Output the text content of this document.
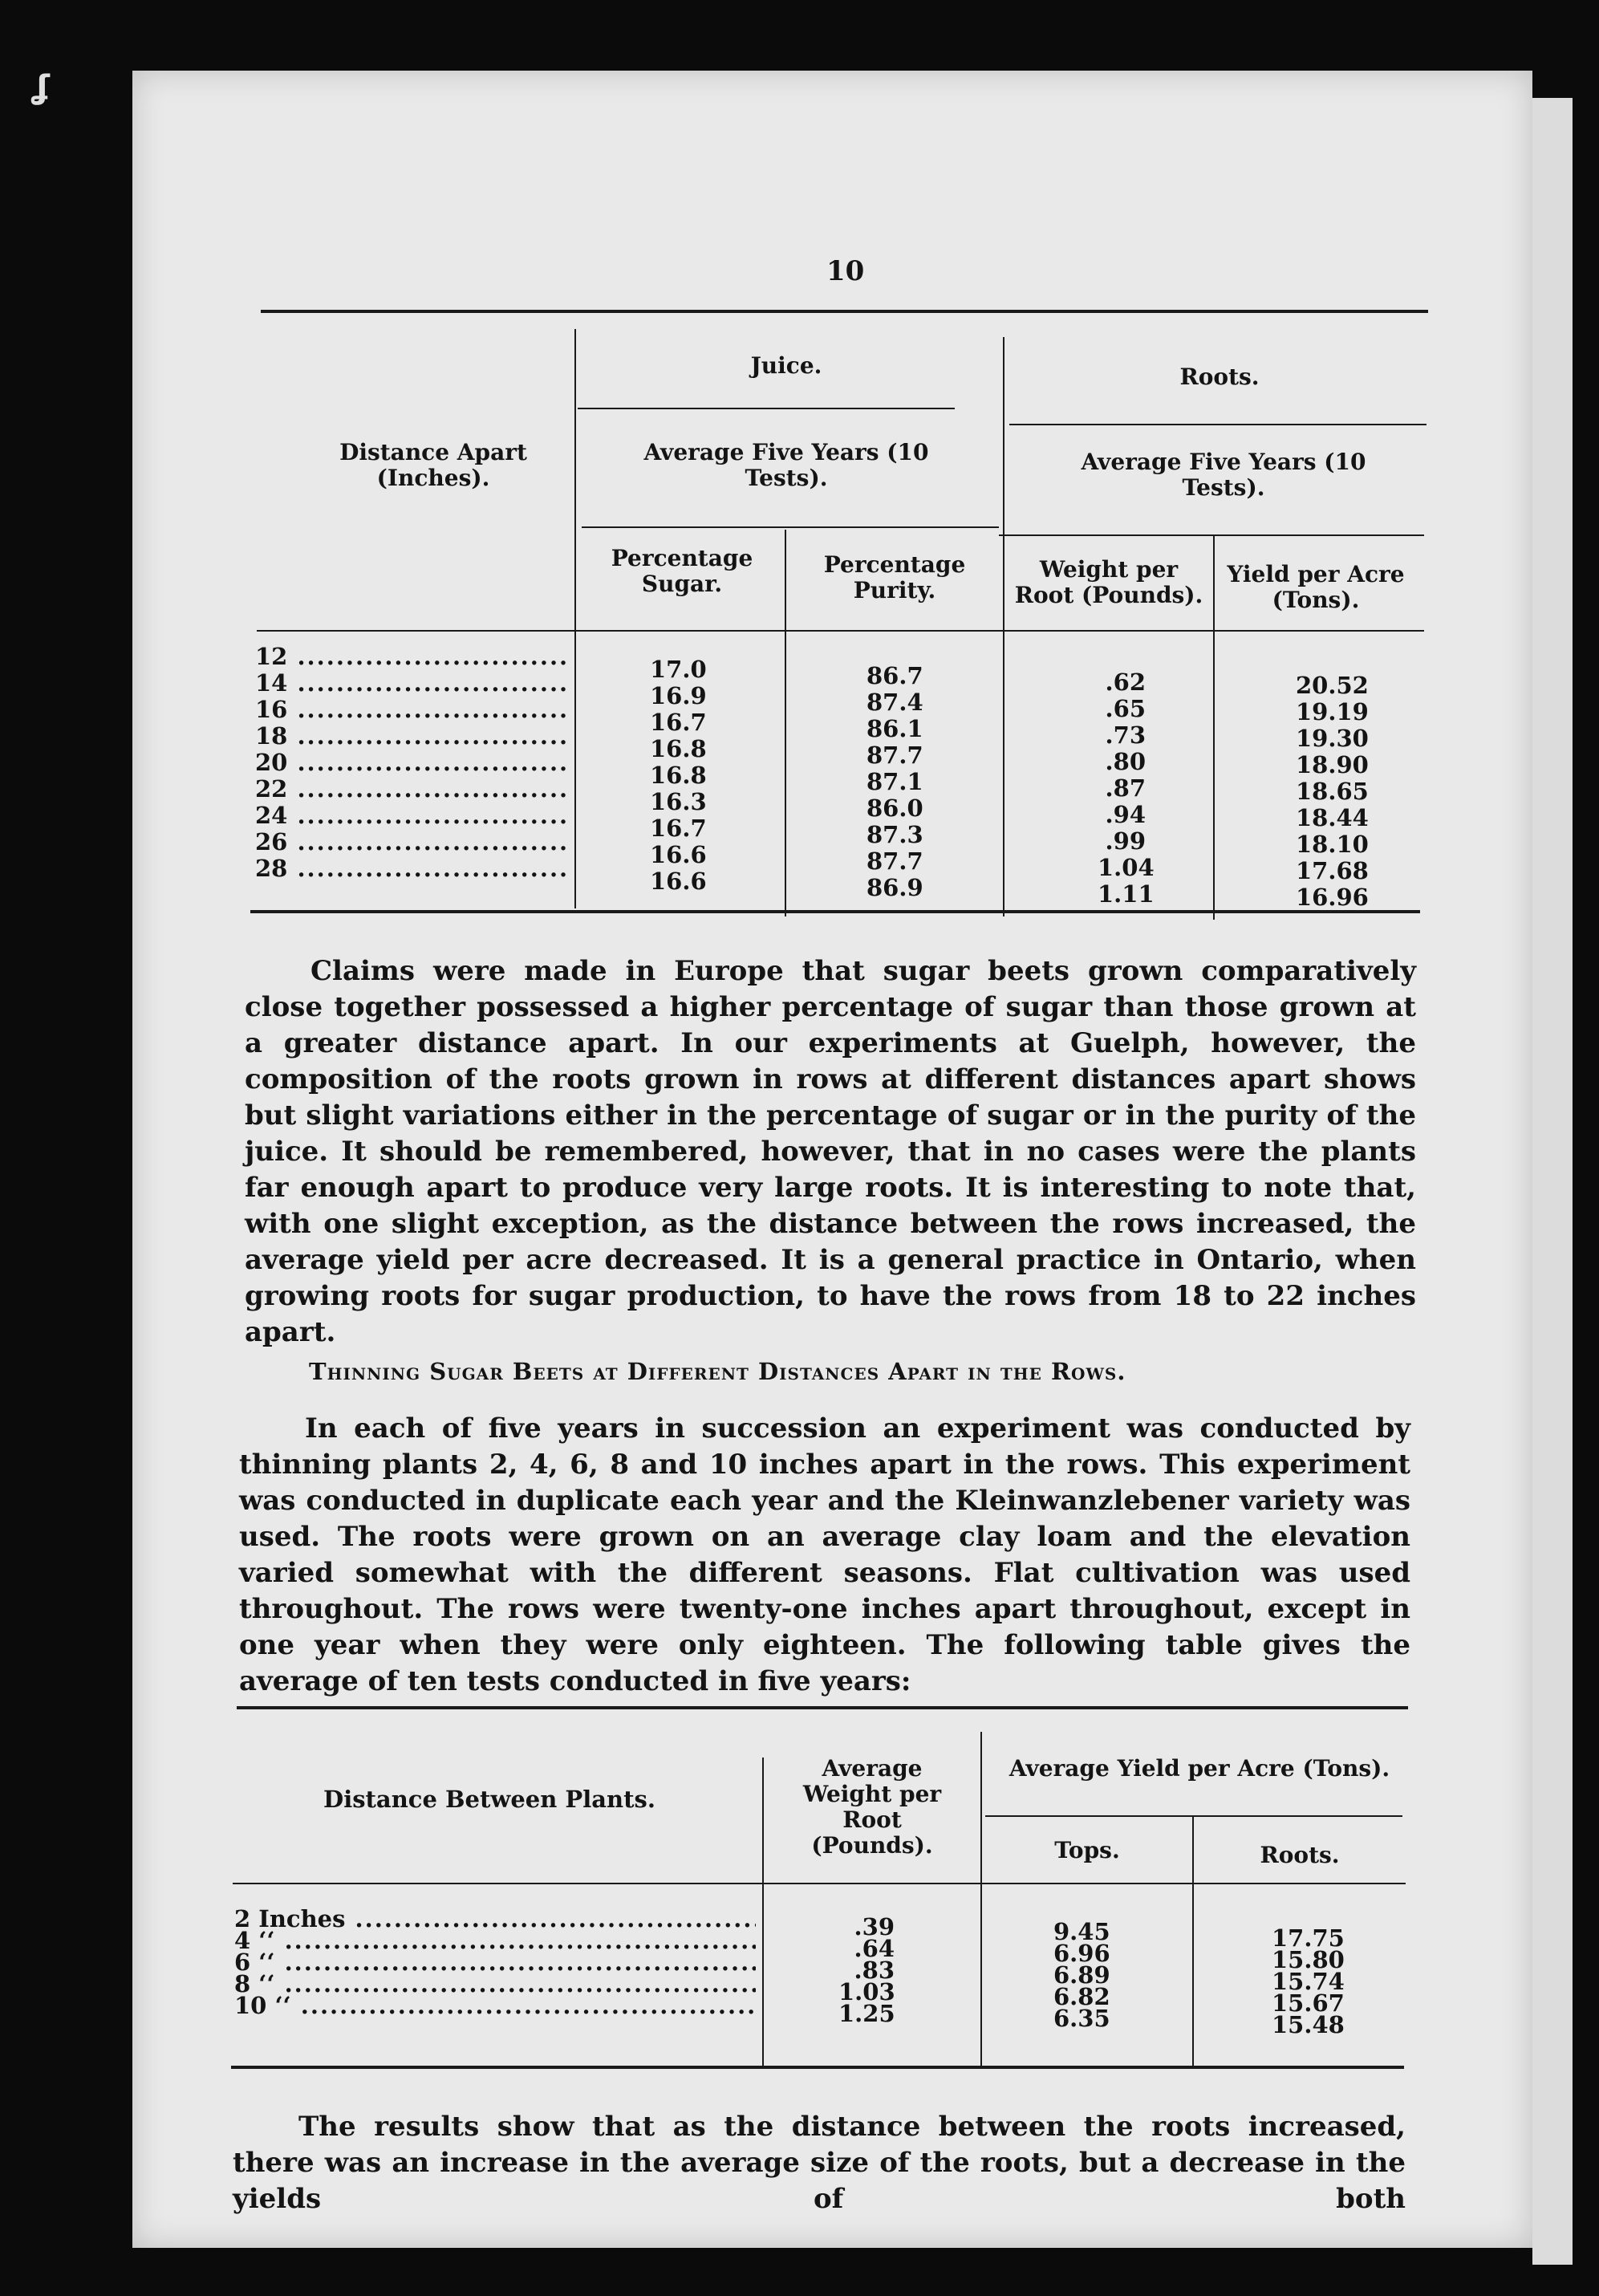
ʆ
10
Distance Apart (Inches).
Juice.	Roots.
Average Five Years (10 Tests).
Average Five Years (10 Tests).
Percentage Sugar.
Percentage Purity.
Weight per Root (Pounds).
Yield per Acre (Tons).
12 .....
14 .....
16 .....
18 .....
20 .....
22 .....
24 .....
26 .....
28 .....
17.0
16.9
16.7
16.8
16.8
16.3
16.7
16.6
16.6
86.7
87.4
86.1
87.7
87.1
86.0
87.3
87.7
86.9
.62
.65
.73
.80
.87
.94
.99
1.04
1.11
20.52
19.19
19.30
18.90
18.65
18.44
18.10
17.68
16.96
Claims were made in Europe that sugar beets grown comparatively close together possessed a higher percentage of sugar than those grown at a greater distance apart. In our experiments at Guelph, however, the composition of the roots grown in rows at different distances apart shows but slight variations either in the percentage of sugar or in the purity of the juice. It should be remembered, however, that in no cases were the plants far enough apart to produce very large roots. It is interesting to note that, with one slight exception, as the distance between the rows increased, the average yield per acre decreased. It is a general practice in Ontario, when growing roots for sugar production, to have the rows from 18 to 22 inches apart.
Thinning Sugar Beets at Different Distances Apart in the Rows.
In each of five years in succession an experiment was conducted by thinning plants 2, 4, 6, 8 and 10 inches apart in the rows. This experiment was conducted in duplicate each year and the Kleinwanzlebener variety was used. The roots were grown on an average clay loam and the elevation varied somewhat with the different seasons. Flat cultivation was used throughout. The rows were twenty-one inches apart throughout, except in one year when they were only eighteen. The following table gives the average of ten tests conducted in five years:
Distance Between Plants.
Average Weight per Root (Pounds).
Average Yield per Acre (Tons).
Tops.	Roots.
2 Inches .....
4 ‘‘ .....
6 ‘‘ .....
8 ‘‘ .....
10 ‘‘ .....
.39
.64
.83
1.03
1.25
9.45
6.96
6.89
6.82
6.35
17.75
15.80
15.74
15.67
15.48
The results show that as the distance between the roots increased, there was an increase in the average size of the roots, but a decrease in the yields of both
